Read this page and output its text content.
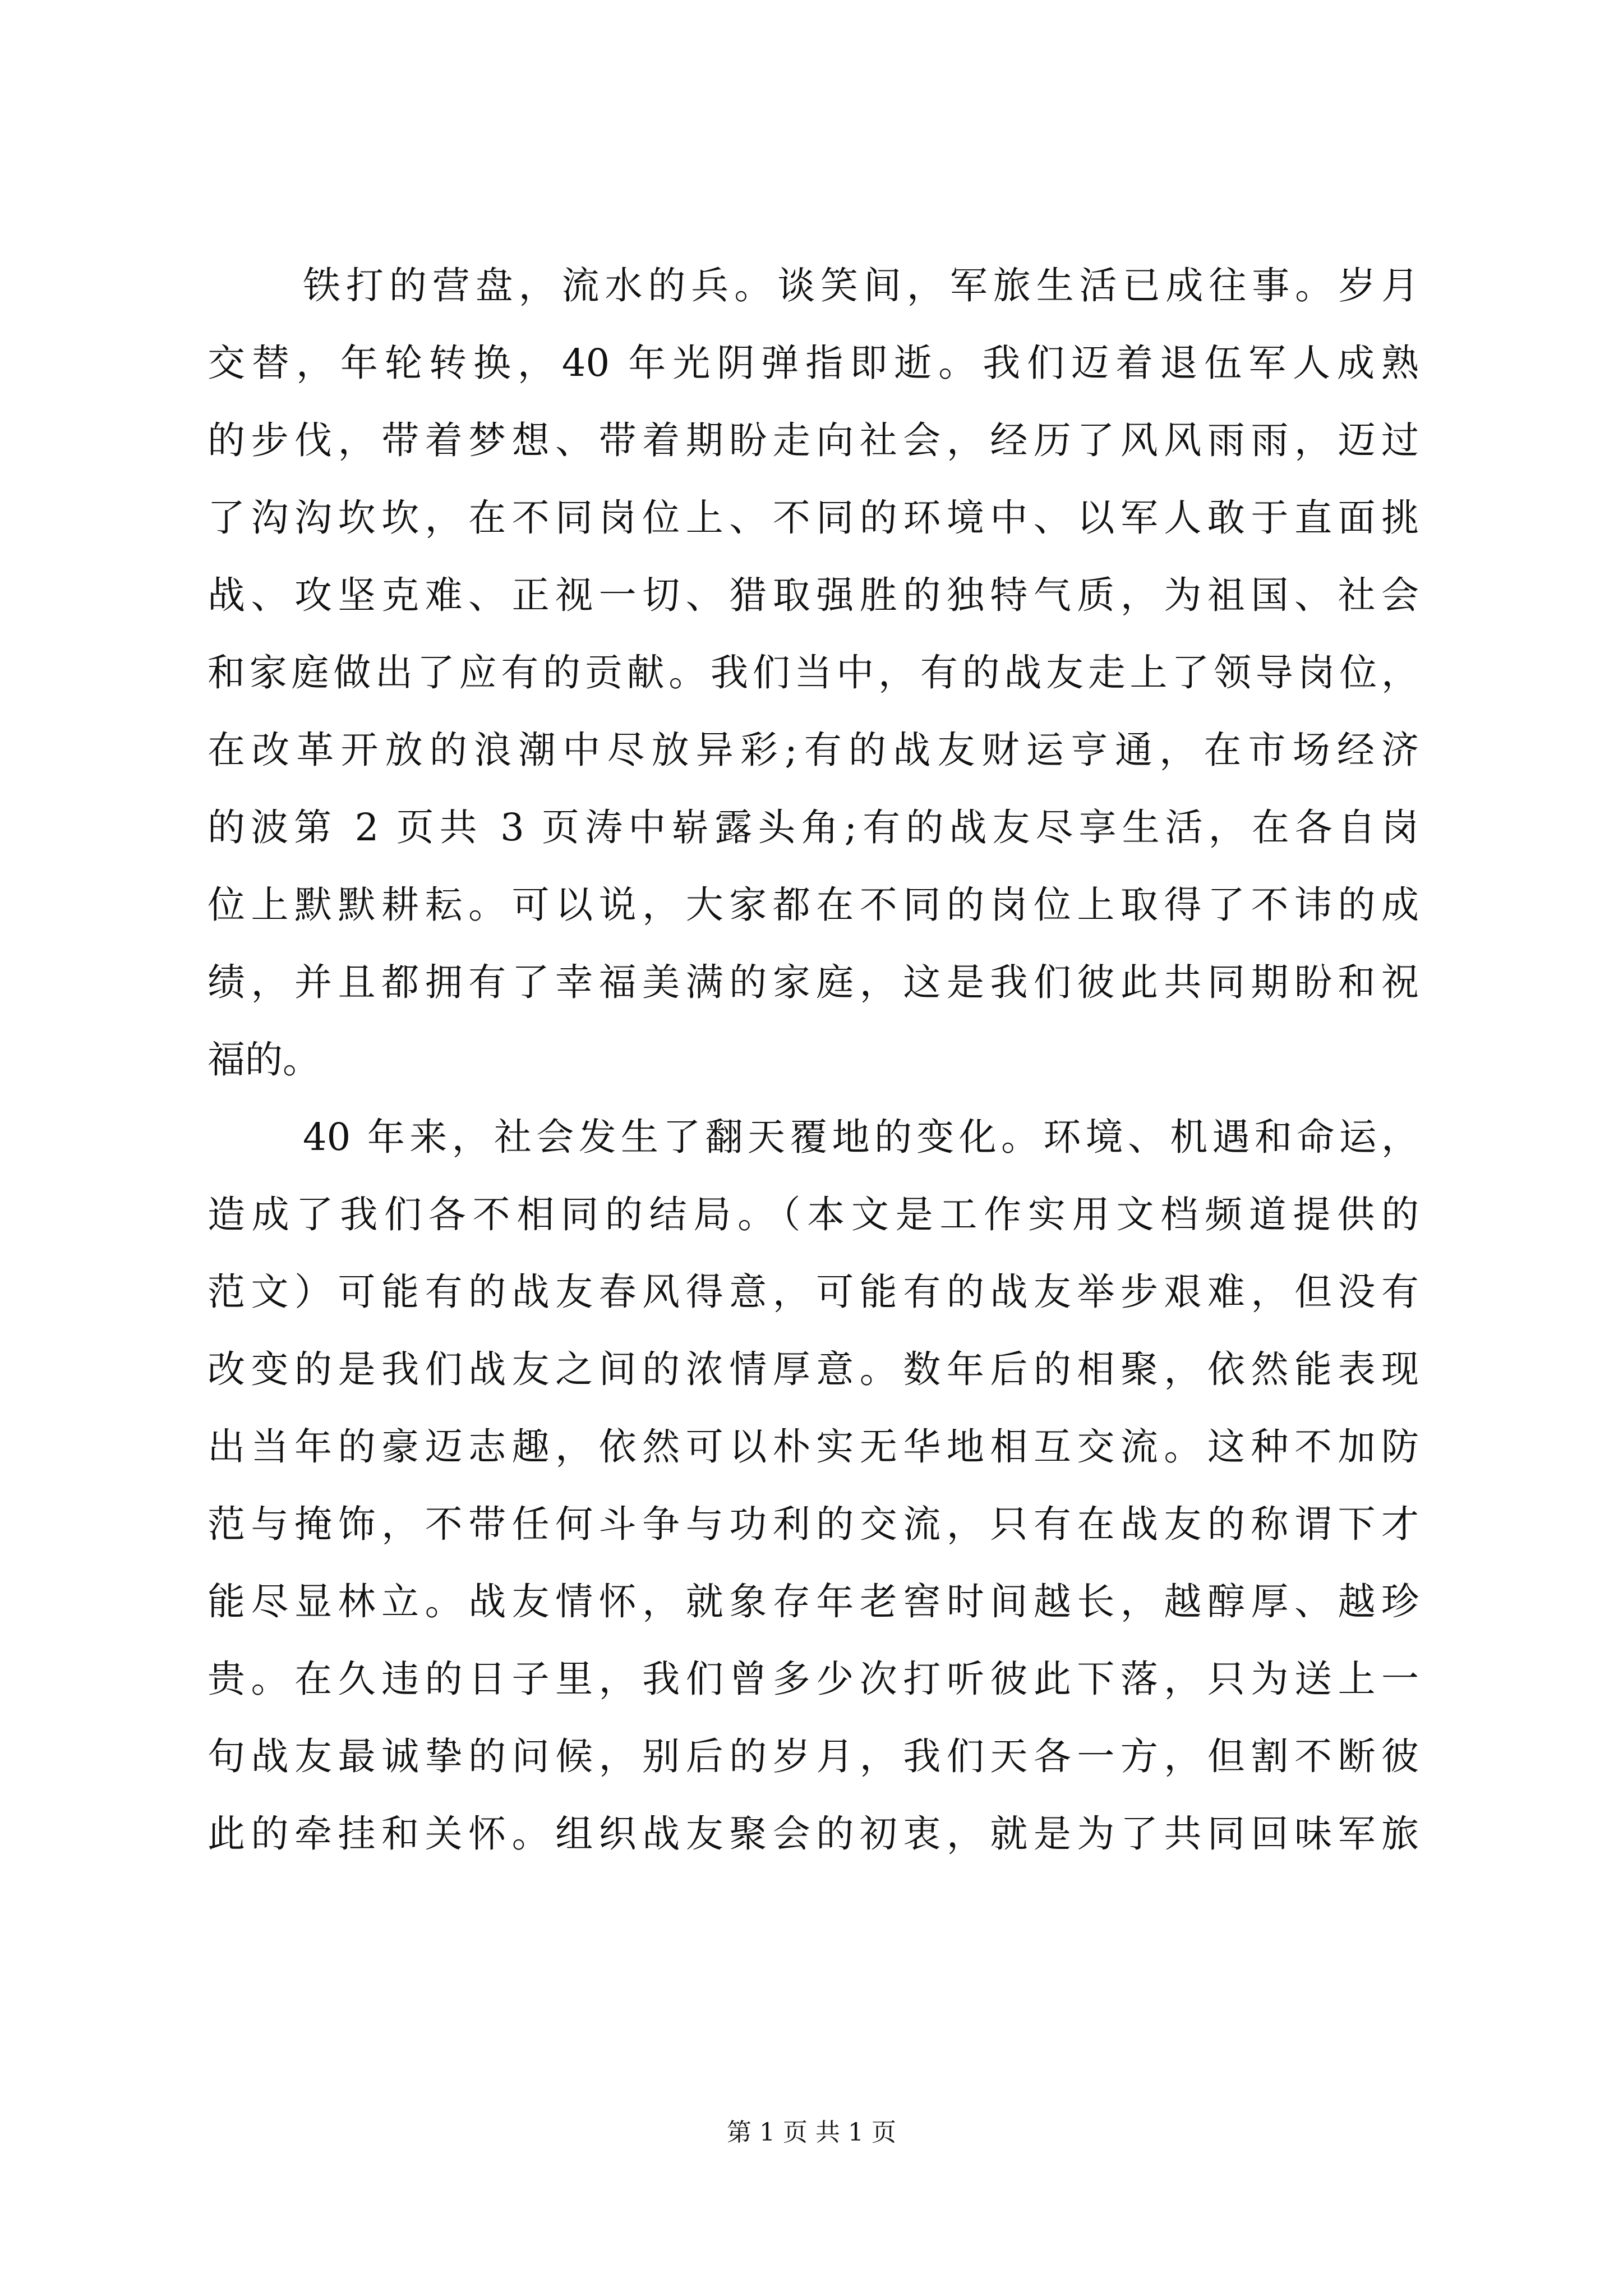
铁打的营盘，流水的兵。谈笑间，军旅生活已成往事。岁月
交替，年轮转换，40 年光阴弹指即逝。我们迈着退伍军人成熟
的步伐，带着梦想、带着期盼走向社会，经历了风风雨雨，迈过
了沟沟坎坎，在不同岗位上、不同的环境中、以军人敢于直面挑
战、攻坚克难、正视一切、猎取强胜的独特气质，为祖国、社会
和家庭做出了应有的贡献。我们当中，有的战友走上了领导岗位，
在改革开放的浪潮中尽放异彩;有的战友财运亨通，在市场经济
的波第 2 页共 3 页涛中崭露头角;有的战友尽享生活，在各自岗
位上默默耕耘。可以说，大家都在不同的岗位上取得了不讳的成
绩，并且都拥有了幸福美满的家庭，这是我们彼此共同期盼和祝
福的。
40 年来，社会发生了翻天覆地的变化。环境、机遇和命运，
造成了我们各不相同的结局。（本文是工作实用文档频道提供的
范文）可能有的战友春风得意，可能有的战友举步艰难，但没有
改变的是我们战友之间的浓情厚意。数年后的相聚，依然能表现
出当年的豪迈志趣，依然可以朴实无华地相互交流。这种不加防
范与掩饰，不带任何斗争与功利的交流，只有在战友的称谓下才
能尽显林立。战友情怀，就象存年老窖时间越长，越醇厚、越珍
贵。在久违的日子里，我们曾多少次打听彼此下落，只为送上一
句战友最诚挚的问候，别后的岁月，我们天各一方，但割不断彼
此的牵挂和关怀。组织战友聚会的初衷，就是为了共同回味军旅
第 1 页 共 1 页
